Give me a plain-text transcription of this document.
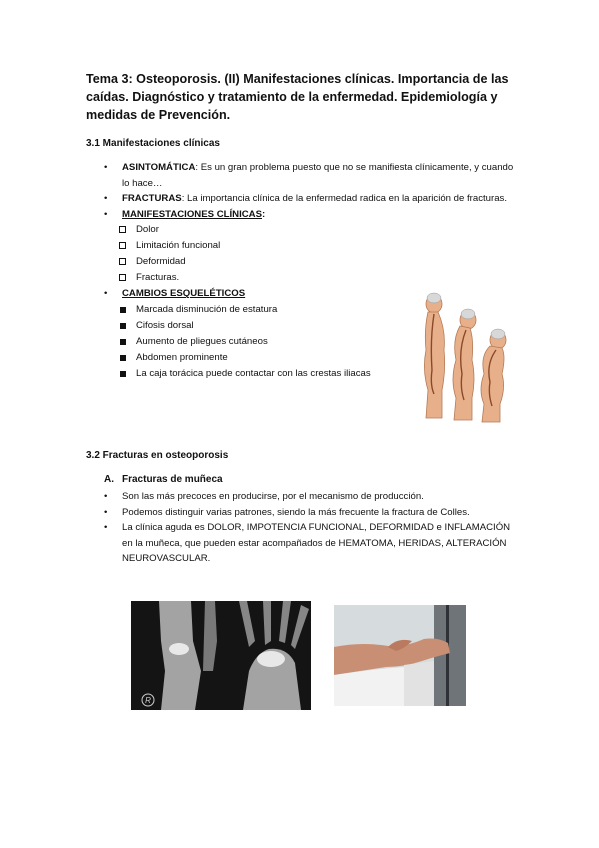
Tema 3: Osteoporosis. (II) Manifestaciones clínicas. Importancia de las caídas. Diagnóstico y tratamiento de la enfermedad. Epidemiología y medidas de Prevención.
3.1 Manifestaciones clínicas
• ASINTOMÁTICA: Es un gran problema puesto que no se manifiesta clínicamente, y cuando lo hace…
• FRACTURAS: La importancia clínica de la enfermedad radica en la aparición de fracturas.
• MANIFESTACIONES CLÍNICAS:
Dolor
Limitación funcional
Deformidad
Fracturas.
• CAMBIOS ESQUELÉTICOS
Marcada disminución de estatura
Cifosis dorsal
Aumento de pliegues cutáneos
Abdomen prominente
La caja torácica puede contactar con las crestas iliacas
3.2 Fracturas en osteoporosis
A. Fracturas de muñeca
• Son las más precoces en producirse, por el mecanismo de producción.
• Podemos distinguir varias patrones, siendo la más frecuente la fractura de Colles.
• La clínica aguda es DOLOR, IMPOTENCIA FUNCIONAL, DEFORMIDAD e INFLAMACIÓN en la muñeca, que pueden estar acompañados de HEMATOMA, HERIDAS, ALTERACIÓN NEUROVASCULAR.
R
